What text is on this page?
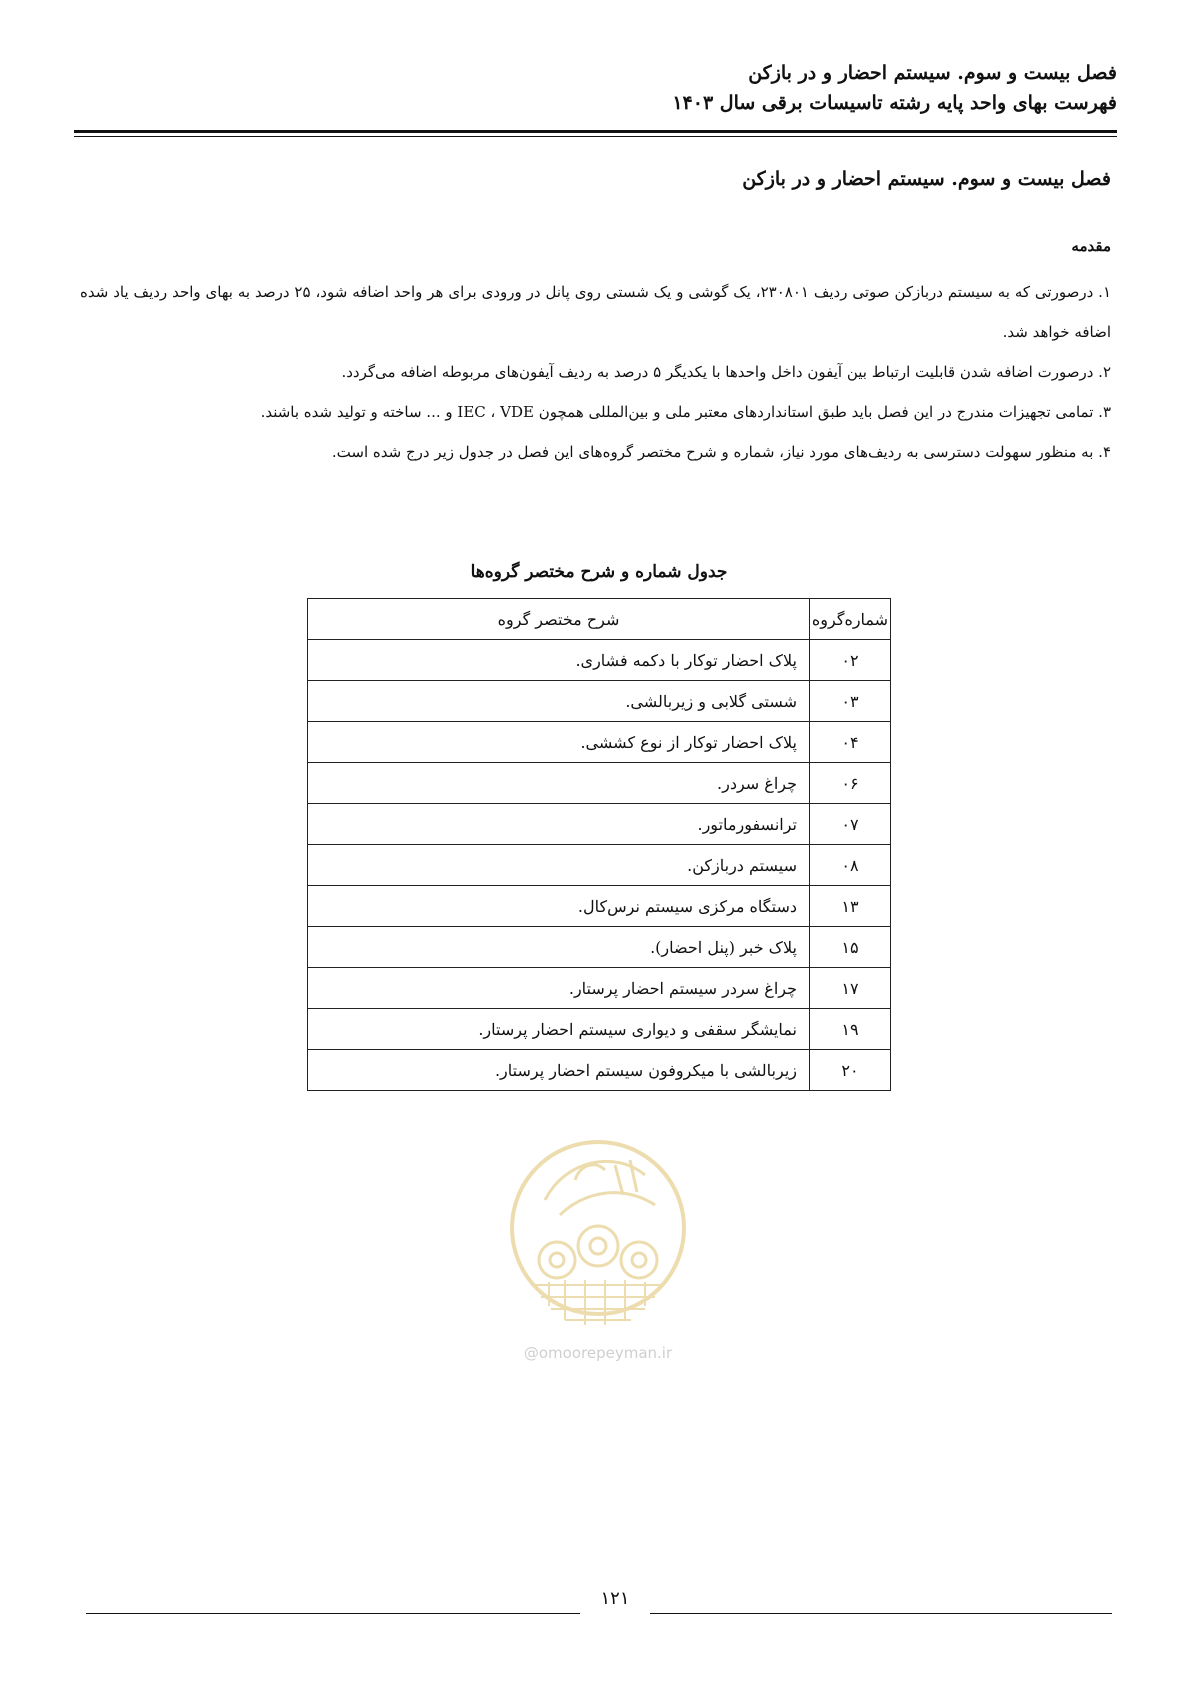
فصل بیست و سوم. سیستم احضار و در بازکن
فهرست بهای واحد پایه رشته تاسیسات برقی سال ۱۴۰۳
فصل بیست و سوم. سیستم احضار و در بازکن
مقدمه

۱. درصورتی که به سیستم دربازکن صوتی ردیف ۲۳۰۸۰۱، یک گوشی و یک شستی روی پانل در ورودی برای هر واحد اضافه شود، ۲۵ درصد به بهای واحد ردیف یاد شده اضافه خواهد شد.

۲. درصورت اضافه شدن قابلیت ارتباط بین آیفون داخل واحدها با یکدیگر ۵ درصد به ردیف آیفون‌های مربوطه اضافه می‌گردد.

۳. تمامی تجهیزات مندرج در این فصل باید طبق استانداردهای معتبر ملی و بین‌المللی همچون IEC ، VDE و ... ساخته و تولید شده باشند.

۴. به منظور سهولت دسترسی به ردیف‌های مورد نیاز، شماره و شرح مختصر گروه‌های این فصل در جدول زیر درج شده است.

جدول شماره و شرح مختصر گروه‌ها
شماره‌گروه	شرح مختصر گروه
۰۲	پلاک احضار توکار با دکمه فشاری.
۰۳	شستی گلابی و زیربالشی.
۰۴	پلاک احضار توکار از نوع کششی.
۰۶	چراغ سردر.
۰۷	ترانسفورماتور.
۰۸	سیستم دربازکن.
۱۳	دستگاه مرکزی سیستم نرس‌کال.
۱۵	پلاک خبر (پنل احضار).
۱۷	چراغ سردر سیستم احضار پرستار.
۱۹	نمایشگر سقفی و دیواری سیستم احضار پرستار.
۲۰	زیربالشی با میکروفون سیستم احضار پرستار.
@omoorepeyman.ir
۱۲۱
